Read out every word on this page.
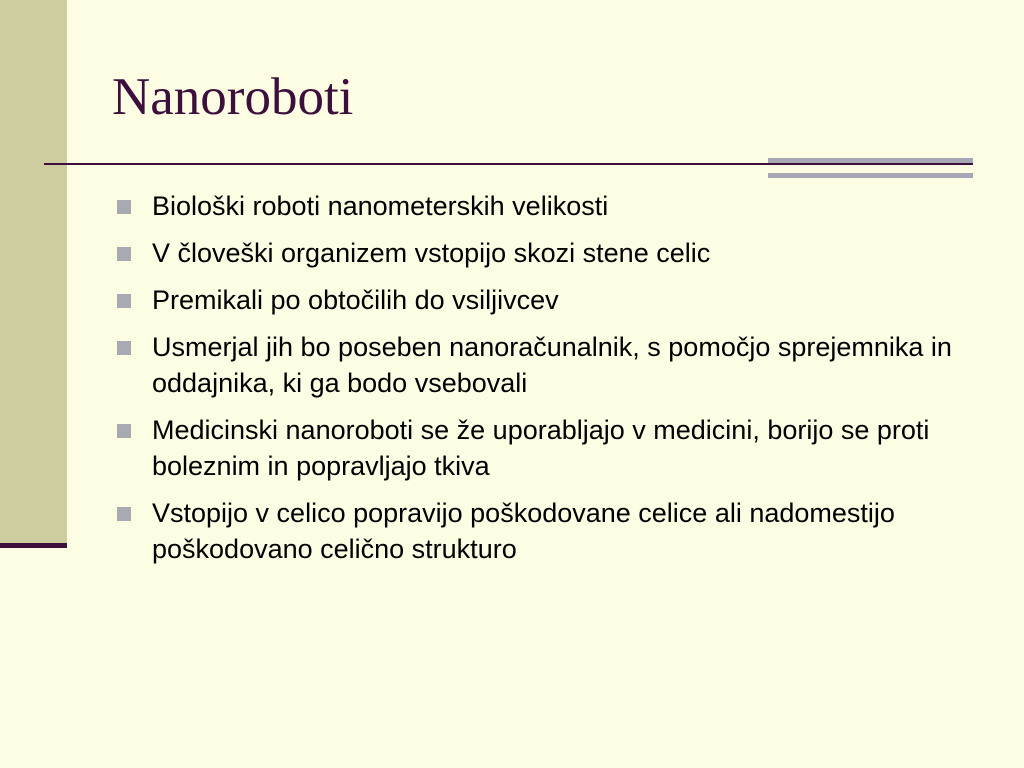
Nanoroboti
Biološki roboti nanometerskih velikosti
V človeški organizem vstopijo skozi stene celic
Premikali po obtočilih do vsiljivcev
Usmerjal jih bo poseben nanoračunalnik, s pomočjo sprejemnika in oddajnika, ki ga bodo vsebovali
Medicinski nanoroboti se že uporabljajo v medicini, borijo se proti boleznim in popravljajo tkiva
Vstopijo v celico popravijo poškodovane celice ali nadomestijo poškodovano celično strukturo
